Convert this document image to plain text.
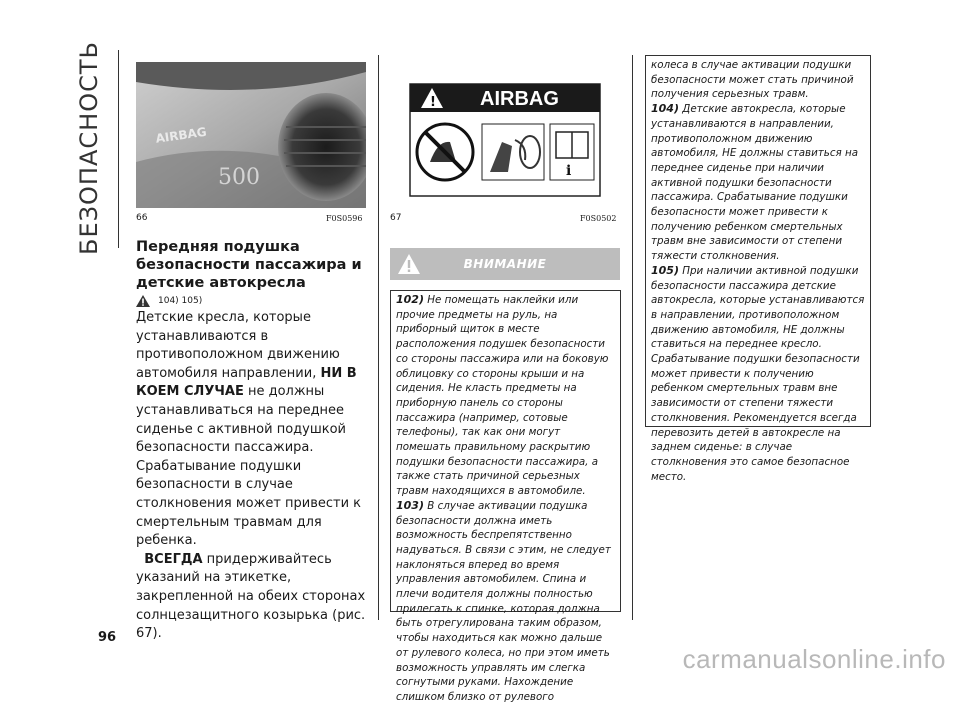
БЕЗОПАСНОСТЬ	500
AIRBAG
66	F0S0596
! AIRBAG
i
67	F0S0502
Передняя подушка безопасности пассажира и детские автокресла
104) 105)
Детские кресла, которые устанавливаются в противоположном движению автомобиля направлении, НИ В КОЕМ СЛУЧАЕ не должны устанавливаться на переднее сиденье с активной подушкой безопасности пассажира. Срабатывание подушки безопасности в случае столкновения может привести к смертельным травмам для ребенка.
ВСЕГДА придерживайтесь указаний на этикетке, закрепленной на обеих сторонах солнцезащитного козырька (рис. 67).
ВНИМАНИЕ

102) Не помещать наклейки или прочие предметы на руль, на приборный щиток в месте расположения подушек безопасности со стороны пассажира или на боковую облицовку со стороны крыши и на сидения. Не класть предметы на приборную панель со стороны пассажира (например, сотовые телефоны), так как они могут помешать правильному раскрытию подушки безопасности пассажира, а также стать причиной серьезных травм находящихся в автомобиле.

103) В случае активации подушка безопасности должна иметь возможность беспрепятственно надуваться. В связи с этим, не следует наклоняться вперед во время управления автомобилем. Спина и плечи водителя должны полностью прилегать к спинке, которая должна быть отрегулирована таким образом, чтобы находиться как можно дальше от рулевого колеса, но при этом иметь возможность управлять им слегка согнутыми руками. Нахождение слишком близко от рулевого

колеса в случае активации подушки безопасности может стать причиной получения серьезных травм.

104) Детские автокресла, которые устанавливаются в направлении, противоположном движению автомобиля, НЕ должны ставиться на переднее сиденье при наличии активной подушки безопасности пассажира. Срабатывание подушки безопасности может привести к получению ребенком смертельных травм вне зависимости от степени тяжести столкновения.

105) При наличии активной подушки безопасности пассажира детские автокресла, которые устанавливаются в направлении, противоположном движению автомобиля, НЕ должны ставиться на переднее кресло. Срабатывание подушки безопасности может привести к получению ребенком смертельных травм вне зависимости от степени тяжести столкновения. Рекомендуется всегда перевозить детей в автокресле на заднем сиденье: в случае столкновения это самое безопасное место.

96
carmanualsonline.info
